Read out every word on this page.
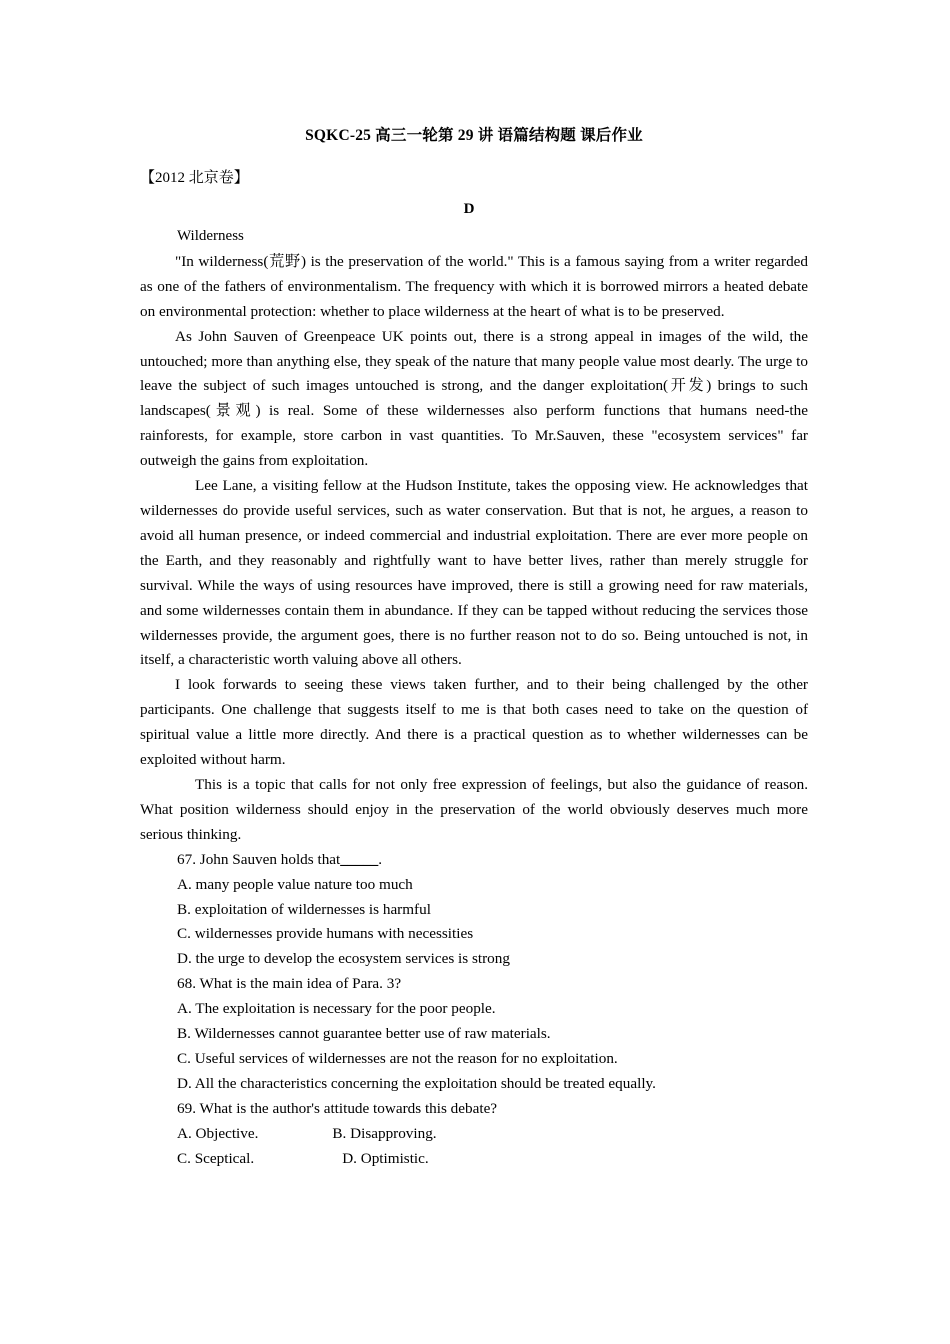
SQKC-25 高三一轮第 29 讲 语篇结构题 课后作业
【2012 北京卷】
D
Wilderness

"In wilderness(荒野) is the preservation of the world." This is a famous saying from a writer regarded as one of the fathers of environmentalism. The frequency with which it is borrowed mirrors a heated debate on environmental protection: whether to place wilderness at the heart of what is to be preserved.

As John Sauven of Greenpeace UK points out, there is a strong appeal in images of the wild, the untouched; more than anything else, they speak of the nature that many people value most dearly. The urge to leave the subject of such images untouched is strong, and the danger exploitation(开发) brings to such landscapes(景观) is real. Some of these wildernesses also perform functions that humans need-the rainforests, for example, store carbon in vast quantities. To Mr.Sauven, these "ecosystem services" far outweigh the gains from exploitation.

Lee Lane, a visiting fellow at the Hudson Institute, takes the opposing view. He acknowledges that wildernesses do provide useful services, such as water conservation. But that is not, he argues, a reason to avoid all human presence, or indeed commercial and industrial exploitation. There are ever more people on the Earth, and they reasonably and rightfully want to have better lives, rather than merely struggle for survival. While the ways of using resources have improved, there is still a growing need for raw materials, and some wildernesses contain them in abundance. If they can be tapped without reducing the services those wildernesses provide, the argument goes, there is no further reason not to do so. Being untouched is not, in itself, a characteristic worth valuing above all others.

I look forwards to seeing these views taken further, and to their being challenged by the other participants. One challenge that suggests itself to me is that both cases need to take on the question of spiritual value a little more directly. And there is a practical question as to whether wildernesses can be exploited without harm.

This is a topic that calls for not only free expression of feelings, but also the guidance of reason. What position wilderness should enjoy in the preservation of the world obviously deserves much more serious thinking.

67. John Sauven holds that_____.
A. many people value nature too much
B. exploitation of wildernesses is harmful
C. wildernesses provide humans with necessities
D. the urge to develop the ecosystem services is strong
68. What is the main idea of Para. 3?
A. The exploitation is necessary for the poor people.
B. Wildernesses cannot guarantee better use of raw materials.
C. Useful services of wildernesses are not the reason for no exploitation.
D. All the characteristics concerning the exploitation should be treated equally.
69. What is the author's attitude towards this debate?
A. Objective.	B. Disapproving.
C. Sceptical.	D. Optimistic.
